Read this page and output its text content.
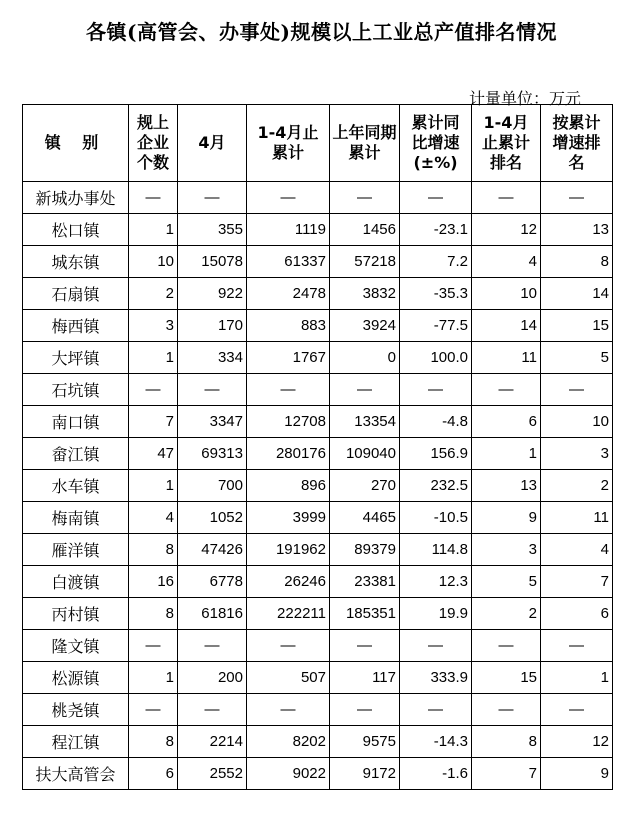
各镇(高管会、办事处)规模以上工业总产值排名情况
计量单位：万元
镇 别	规上企业个数	4月	1-4月止累计	上年同期累计	累计同比增速(±%)	1-4月止累计排名	按累计增速排名
新城办事处	—	—	—	—	—	—	—
松口镇	1	355	1119	1456	-23.1	12	13
城东镇	10	15078	61337	57218	7.2	4	8
石扇镇	2	922	2478	3832	-35.3	10	14
梅西镇	3	170	883	3924	-77.5	14	15
大坪镇	1	334	1767	0	100.0	11	5
石坑镇	—	—	—	—	—	—	—
南口镇	7	3347	12708	13354	-4.8	6	10
畲江镇	47	69313	280176	109040	156.9	1	3
水车镇	1	700	896	270	232.5	13	2
梅南镇	4	1052	3999	4465	-10.5	9	11
雁洋镇	8	47426	191962	89379	114.8	3	4
白渡镇	16	6778	26246	23381	12.3	5	7
丙村镇	8	61816	222211	185351	19.9	2	6
隆文镇	—	—	—	—	—	—	—
松源镇	1	200	507	117	333.9	15	1
桃尧镇	—	—	—	—	—	—	—
程江镇	8	2214	8202	9575	-14.3	8	12
扶大高管会	6	2552	9022	9172	-1.6	7	9
